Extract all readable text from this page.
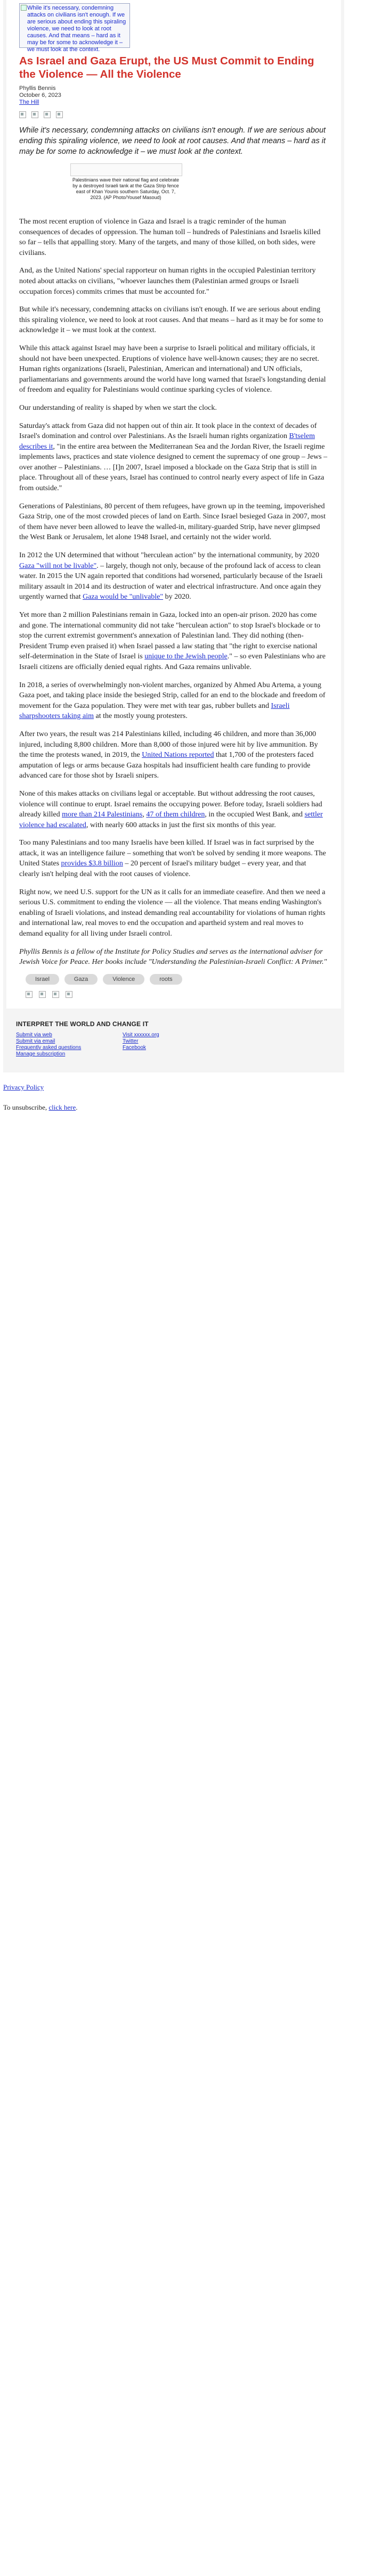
While it's necessary, condemning attacks on civilians isn't enough. If we are serious about ending this spiraling violence, we need to look at root causes. And that means – hard as it may be for some to acknowledge it – we must look at the context.

As Israel and Gaza Erupt, the US Must Commit to Ending the Violence — All the Violence
Phyllis Bennis
October 6, 2023
The Hill

While it's necessary, condemning attacks on civilians isn't enough. If we are serious about ending this spiraling violence, we need to look at root causes. And that means – hard as it may be for some to acknowledge it – we must look at the context.

Palestinians wave their national flag and celebrate by a destroyed Israeli tank at the Gaza Strip fence east of Khan Younis southern Saturday, Oct. 7, 2023. (AP Photo/Yousef Masoud)

The most recent eruption of violence in Gaza and Israel is a tragic reminder of the human consequences of decades of oppression. The human toll – hundreds of Palestinians and Israelis killed so far – tells that appalling story. Many of the targets, and many of those killed, on both sides, were civilians.

And, as the United Nations' special rapporteur on human rights in the occupied Palestinian territory noted about attacks on civilians, "whoever launches them (Palestinian armed groups or Israeli occupation forces) commits crimes that must be accounted for."

But while it's necessary, condemning attacks on civilians isn't enough. If we are serious about ending this spiraling violence, we need to look at root causes. And that means – hard as it may be for some to acknowledge it – we must look at the context.

While this attack against Israel may have been a surprise to Israeli political and military officials, it should not have been unexpected. Eruptions of violence have well-known causes; they are no secret. Human rights organizations (Israeli, Palestinian, American and international) and UN officials, parliamentarians and governments around the world have long warned that Israel's longstanding denial of freedom and equality for Palestinians would continue sparking cycles of violence.

Our understanding of reality is shaped by when we start the clock.

Saturday's attack from Gaza did not happen out of thin air. It took place in the context of decades of Israel's domination and control over Palestinians. As the Israeli human rights organization B'tselem describes it, "in the entire area between the Mediterranean Sea and the Jordan River, the Israeli regime implements laws, practices and state violence designed to cement the supremacy of one group – Jews – over another – Palestinians. … [I]n 2007, Israel imposed a blockade on the Gaza Strip that is still in place. Throughout all of these years, Israel has continued to control nearly every aspect of life in Gaza from outside."

Generations of Palestinians, 80 percent of them refugees, have grown up in the teeming, impoverished Gaza Strip, one of the most crowded pieces of land on Earth. Since Israel besieged Gaza in 2007, most of them have never been allowed to leave the walled-in, military-guarded Strip, have never glimpsed the West Bank or Jerusalem, let alone 1948 Israel, and certainly not the wider world.

In 2012 the UN determined that without "herculean action" by the international community, by 2020 Gaza "will not be livable". – largely, though not only, because of the profound lack of access to clean water. In 2015 the UN again reported that conditions had worsened, particularly because of the Israeli military assault in 2014 and its destruction of water and electrical infrastructure. And once again they urgently warned that Gaza would be "unlivable" by 2020.

Yet more than 2 million Palestinians remain in Gaza, locked into an open-air prison. 2020 has come and gone. The international community did not take "herculean action" to stop Israel's blockade or to stop the current extremist government's annexation of Palestinian land. They did nothing (then-President Trump even praised it) when Israel passed a law stating that "the right to exercise national self-determination in the State of Israel is unique to the Jewish people." – so even Palestinians who are Israeli citizens are officially denied equal rights. And Gaza remains unlivable.

In 2018, a series of overwhelmingly non-violent marches, organized by Ahmed Abu Artema, a young Gaza poet, and taking place inside the besieged Strip, called for an end to the blockade and freedom of movement for the Gaza population. They were met with tear gas, rubber bullets and Israeli sharpshooters taking aim at the mostly young protesters.

After two years, the result was 214 Palestinians killed, including 46 children, and more than 36,000 injured, including 8,800 children. More than 8,000 of those injured were hit by live ammunition. By the time the protests waned, in 2019, the United Nations reported that 1,700 of the protesters faced amputation of legs or arms because Gaza hospitals had insufficient health care funding to provide advanced care for those shot by Israeli snipers.

None of this makes attacks on civilians legal or acceptable. But without addressing the root causes, violence will continue to erupt. Israel remains the occupying power. Before today, Israeli soldiers had already killed more than 214 Palestinians, 47 of them children, in the occupied West Bank, and settler violence had escalated, with nearly 600 attacks in just the first six months of this year.

Too many Palestinians and too many Israelis have been killed. If Israel was in fact surprised by the attack, it was an intelligence failure – something that won't be solved by sending it more weapons. The United States provides $3.8 billion – 20 percent of Israel's military budget – every year, and that clearly isn't helping deal with the root causes of violence.

Right now, we need U.S. support for the UN as it calls for an immediate ceasefire. And then we need a serious U.S. commitment to ending the violence — all the violence. That means ending Washington's enabling of Israeli violations, and instead demanding real accountability for violations of human rights and international law, real moves to end the occupation and apartheid system and real moves to demand equality for all living under Israeli control.

Phyllis Bennis is a fellow of the Institute for Policy Studies and serves as the international adviser for Jewish Voice for Peace. Her books include "Understanding the Palestinian-Israeli Conflict: A Primer."

Israel	Gaza	Violence	roots

INTERPRET THE WORLD AND CHANGE IT

Submit via web
Submit via email
Frequently asked questions
Manage subscription
Visit xxxxxx.org
Twitter
Facebook

Privacy Policy

To unsubscribe, click here.
